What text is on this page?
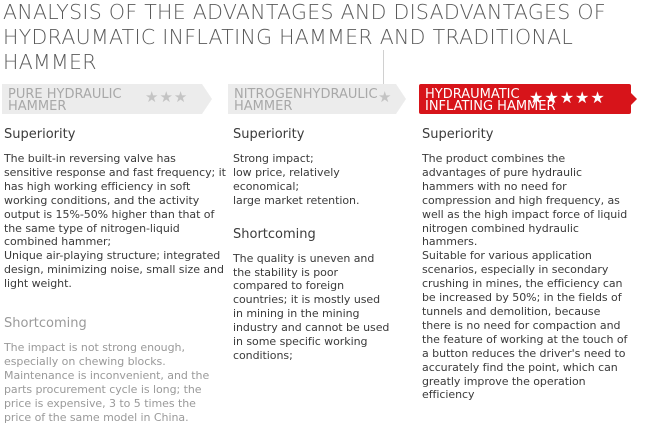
ANALYSIS OF THE ADVANTAGES AND DISADVANTAGES OF
HYDRAUMATIC INFLATING HAMMER AND TRADITIONAL HAMMER
PURE HYDRAULIC
HAMMER
★★★	NITROGENHYDRAULIC
HAMMER
★	HYDRAUMATIC
INFLATING HAMMER
★★★★★
Superiority
The built-in reversing valve has sensitive response and fast frequency; it has high working efficiency in soft working conditions, and the activity output is 15%-50% higher than that of the same type of nitrogen-liquid combined hammer;
Unique air-playing structure; integrated design, minimizing noise, small size and light weight.
Shortcoming
The impact is not strong enough, especially on chewing blocks.
Maintenance is inconvenient, and the parts procurement cycle is long; the price is expensive, 3 to 5 times the price of the same model in China.
Superiority
Strong impact;
low price, relatively economical;
large market retention.
Shortcoming
The quality is uneven and the stability is poor compared to foreign countries; it is mostly used in mining in the mining industry and cannot be used in some specific working conditions;
Superiority
The product combines the advantages of pure hydraulic hammers with no need for compression and high frequency, as well as the high impact force of liquid nitrogen combined hydraulic hammers.
Suitable for various application scenarios, especially in secondary crushing in mines, the efficiency can be increased by 50%; in the fields of tunnels and demolition, because there is no need for compaction and the feature of working at the touch of a button reduces the driver's need to accurately find the point, which can greatly improve the operation efficiency
